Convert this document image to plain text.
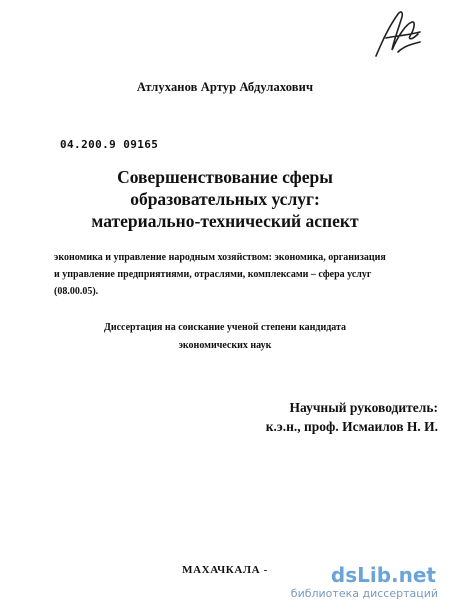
Атлуханов Артур Абдулахович
04.200.9 09165
Совершенствование сферы
образовательных услуг:
материально-технический аспект
экономика и управление народным хозяйством: экономика, организация
и управление предприятиями, отраслями, комплексами – сфера услуг
(08.00.05).
Диссертация на соискание ученой степени кандидата
экономических наук
Научный руководитель:
к.э.н., проф. Исмаилов Н. И.
МАХАЧКАЛА -	dsLib.net
библиотека диссертаций
